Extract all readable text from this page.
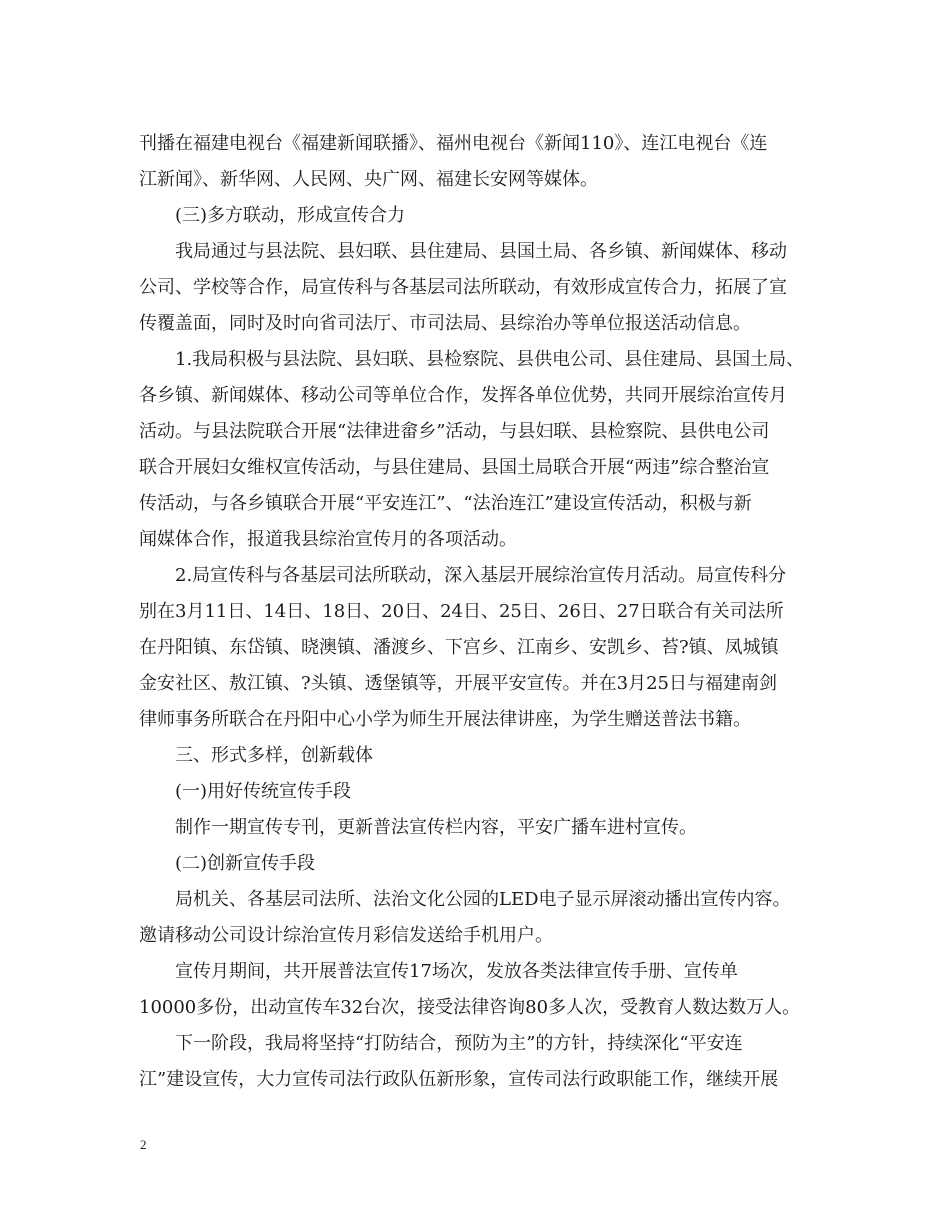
刊播在福建电视台《福建新闻联播》、福州电视台《新闻110》、连江电视台《连
江新闻》、新华网、人民网、央广网、福建长安网等媒体。
(三)多方联动，形成宣传合力
我局通过与县法院、县妇联、县住建局、县国土局、各乡镇、新闻媒体、移动
公司、学校等合作，局宣传科与各基层司法所联动，有效形成宣传合力，拓展了宣
传覆盖面，同时及时向省司法厅、市司法局、县综治办等单位报送活动信息。
1.我局积极与县法院、县妇联、县检察院、县供电公司、县住建局、县国土局、
各乡镇、新闻媒体、移动公司等单位合作，发挥各单位优势，共同开展综治宣传月
活动。与县法院联合开展“法律进畲乡”活动，与县妇联、县检察院、县供电公司
联合开展妇女维权宣传活动，与县住建局、县国土局联合开展“两违”综合整治宣
传活动，与各乡镇联合开展“平安连江”、“法治连江”建设宣传活动，积极与新
闻媒体合作，报道我县综治宣传月的各项活动。
2.局宣传科与各基层司法所联动，深入基层开展综治宣传月活动。局宣传科分
别在3月11日、14日、18日、20日、24日、25日、26日、27日联合有关司法所
在丹阳镇、东岱镇、晓澳镇、潘渡乡、下宫乡、江南乡、安凯乡、苔?镇、凤城镇
金安社区、敖江镇、?头镇、透堡镇等，开展平安宣传。并在3月25日与福建南剑
律师事务所联合在丹阳中心小学为师生开展法律讲座，为学生赠送普法书籍。
三、形式多样，创新载体
(一)用好传统宣传手段
制作一期宣传专刊，更新普法宣传栏内容，平安广播车进村宣传。
(二)创新宣传手段
局机关、各基层司法所、法治文化公园的LED电子显示屏滚动播出宣传内容。
邀请移动公司设计综治宣传月彩信发送给手机用户。
宣传月期间，共开展普法宣传17场次，发放各类法律宣传手册、宣传单
10000多份，出动宣传车32台次，接受法律咨询80多人次，受教育人数达数万人。
下一阶段，我局将坚持“打防结合，预防为主”的方针，持续深化“平安连
江”建设宣传，大力宣传司法行政队伍新形象，宣传司法行政职能工作，继续开展
2
